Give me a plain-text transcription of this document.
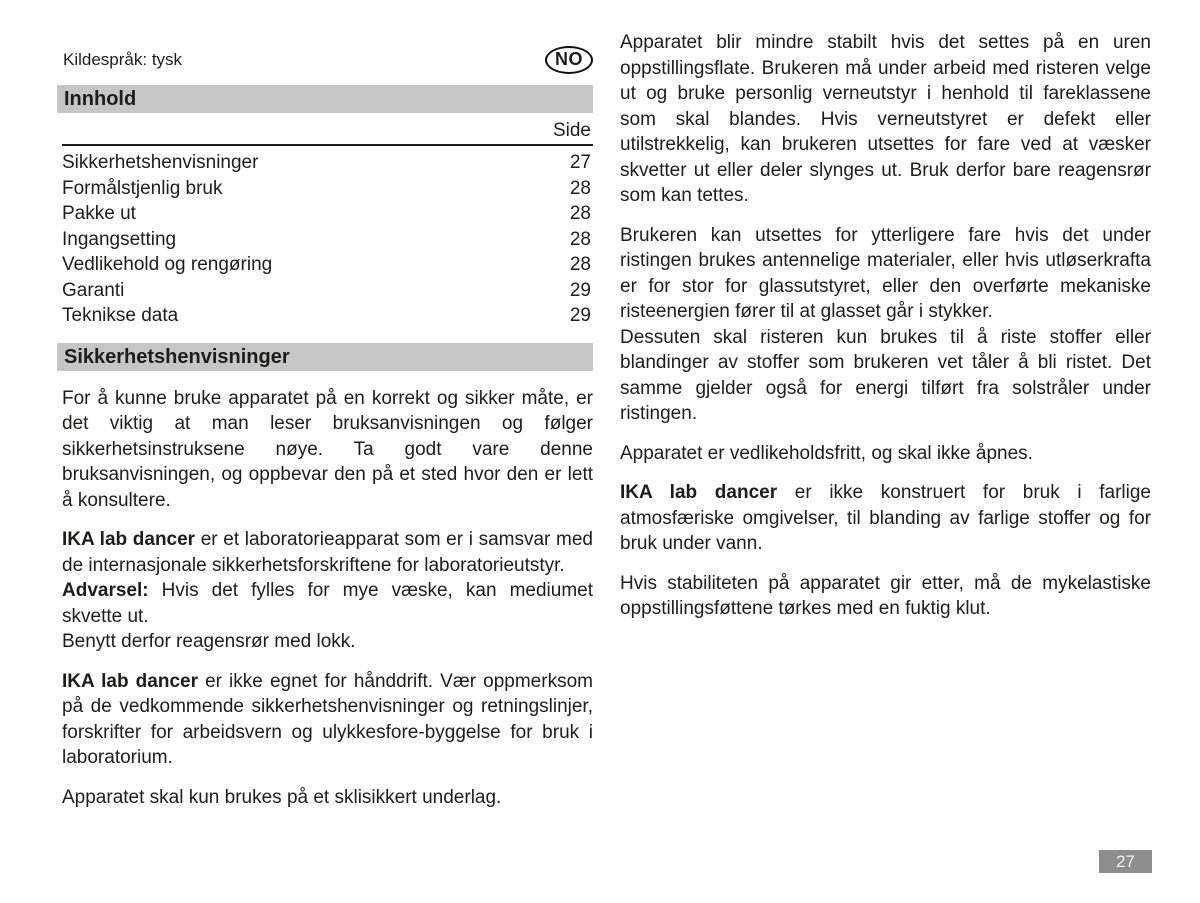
Kildespråk: tysk	NO
Innhold
Side
Sikkerhetshenvisninger	27
Formålstjenlig bruk	28
Pakke ut	28
Ingangsetting	28
Vedlikehold og rengøring	28
Garanti	29
Teknikse data	29
Sikkerhetshenvisninger

For å kunne bruke apparatet på en korrekt og sikker måte, er det viktig at man leser bruksanvisningen og følger sikkerhetsinstruksene nøye. Ta godt vare denne bruksanvisningen, og oppbevar den på et sted hvor den er lett å konsultere.

IKA lab dancer er et laboratorieapparat som er i samsvar med de internasjonale sikkerhetsforskriftene for laboratorieutstyr.

Advarsel: Hvis det fylles for mye væske, kan mediumet skvette ut.

Benytt derfor reagensrør med lokk.

IKA lab dancer er ikke egnet for hånddrift. Vær oppmerksom på de vedkommende sikkerhetshenvisninger og retningslinjer, forskrifter for arbeidsvern og ulykkesfore-byggelse for bruk i laboratorium.

Apparatet skal kun brukes på et sklisikkert underlag.

Apparatet blir mindre stabilt hvis det settes på en uren oppstillingsflate. Brukeren må under arbeid med risteren velge ut og bruke personlig verneutstyr i henhold til fareklassene som skal blandes. Hvis verneutstyret er defekt eller utilstrekkelig, kan brukeren utsettes for fare ved at væsker skvetter ut eller deler slynges ut. Bruk derfor bare reagensrør som kan tettes.

Brukeren kan utsettes for ytterligere fare hvis det under ristingen brukes antennelige materialer, eller hvis utløserkrafta er for stor for glassutstyret, eller den overførte mekaniske risteenergien fører til at glasset går i stykker.

Dessuten skal risteren kun brukes til å riste stoffer eller blandinger av stoffer som brukeren vet tåler å bli ristet. Det samme gjelder også for energi tilført fra solstråler under ristingen.

Apparatet er vedlikeholdsfritt, og skal ikke åpnes.

IKA lab dancer er ikke konstruert for bruk i farlige atmosfæriske omgivelser, til blanding av farlige stoffer og for bruk under vann.

Hvis stabiliteten på apparatet gir etter, må de mykelastiske oppstillingsføttene tørkes med en fuktig klut.

27
